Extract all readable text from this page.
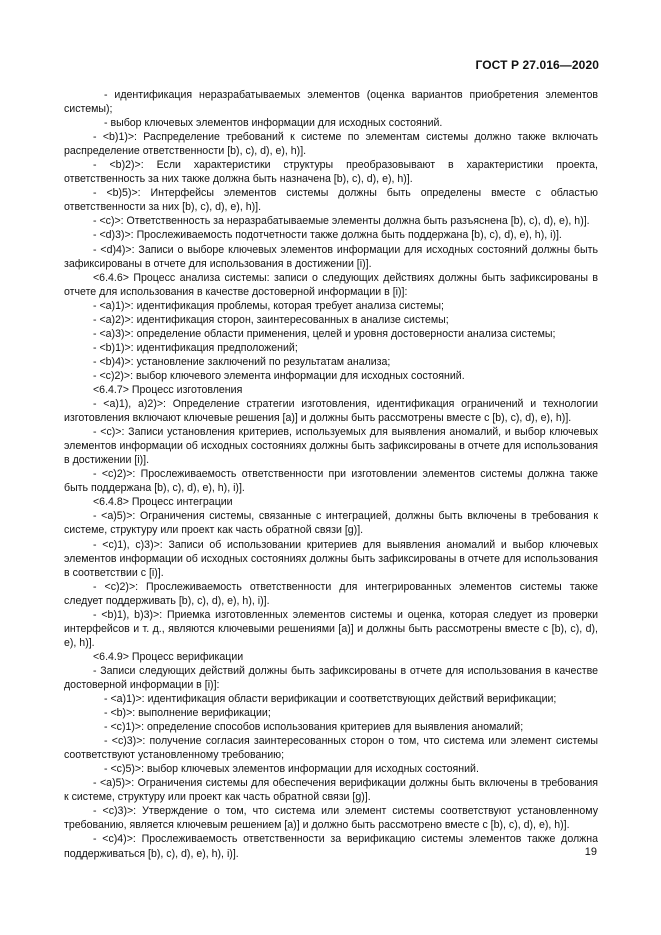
ГОСТ Р 27.016—2020

- идентификация неразрабатываемых элементов (оценка вариантов приобретения элементов системы);

- выбор ключевых элементов информации для исходных состояний.

- <b)1)>: Распределение требований к системе по элементам системы должно также включать распределение ответственности [b), c), d), e), h)].

- <b)2)>: Если характеристики структуры преобразовывают в характеристики проекта, ответственность за них также должна быть назначена [b), c), d), e), h)].

- <b)5)>: Интерфейсы элементов системы должны быть определены вместе с областью ответственности за них [b), c), d), e), h)].

- <c)>: Ответственность за неразрабатываемые элементы должна быть разъяснена [b), c), d), e), h)].

- <d)3)>: Прослеживаемость подотчетности также должна быть поддержана [b), c), d), e), h), i)].

- <d)4)>: Записи о выборе ключевых элементов информации для исходных состояний должны быть зафиксированы в отчете для использования в достижении [i)].

<6.4.6> Процесс анализа системы: записи о следующих действиях должны быть зафиксированы в отчете для использования в качестве достоверной информации в [i)]:

- <a)1)>: идентификация проблемы, которая требует анализа системы;

- <a)2)>: идентификация сторон, заинтересованных в анализе системы;

- <a)3)>: определение области применения, целей и уровня достоверности анализа системы;

- <b)1)>: идентификация предположений;

- <b)4)>: установление заключений по результатам анализа;

- <c)2)>: выбор ключевого элемента информации для исходных состояний.

<6.4.7> Процесс изготовления

- <a)1), a)2)>: Определение стратегии изготовления, идентификация ограничений и технологии изготовления включают ключевые решения [a)] и должны быть рассмотрены вместе с [b), c), d), e), h)].

- <c)>: Записи установления критериев, используемых для выявления аномалий, и выбор ключевых элементов информации об исходных состояниях должны быть зафиксированы в отчете для использования в достижении [i)].

- <c)2)>: Прослеживаемость ответственности при изготовлении элементов системы должна также быть поддержана [b), c), d), e), h), i)].

<6.4.8> Процесс интеграции

- <a)5)>: Ограничения системы, связанные с интеграцией, должны быть включены в требования к системе, структуру или проект как часть обратной связи [g)].

- <c)1), c)3)>: Записи об использовании критериев для выявления аномалий и выбор ключевых элементов информации об исходных состояниях должны быть зафиксированы в отчете для использования в соответствии с [i)].

- <c)2)>: Прослеживаемость ответственности для интегрированных элементов системы также следует поддерживать [b), c), d), e), h), i)].

- <b)1), b)3)>: Приемка изготовленных элементов системы и оценка, которая следует из проверки интерфейсов и т. д., являются ключевыми решениями [a)] и должны быть рассмотрены вместе с [b), c), d), e), h)].

<6.4.9> Процесс верификации

- Записи следующих действий должны быть зафиксированы в отчете для использования в качестве достоверной информации в [i)]:

- <a)1)>: идентификация области верификации и соответствующих действий верификации;

- <b)>: выполнение верификации;

- <c)1)>: определение способов использования критериев для выявления аномалий;

- <c)3)>: получение согласия заинтересованных сторон о том, что система или элемент системы соответствуют установленному требованию;

- <c)5)>: выбор ключевых элементов информации для исходных состояний.

- <a)5)>: Ограничения системы для обеспечения верификации должны быть включены в требования к системе, структуру или проект как часть обратной связи [g)].

- <c)3)>: Утверждение о том, что система или элемент системы соответствуют установленному требованию, является ключевым решением [a)] и должно быть рассмотрено вместе с [b), c), d), e), h)].

- <c)4)>: Прослеживаемость ответственности за верификацию системы элементов также должна поддерживаться [b), c), d), e), h), i)].	19
